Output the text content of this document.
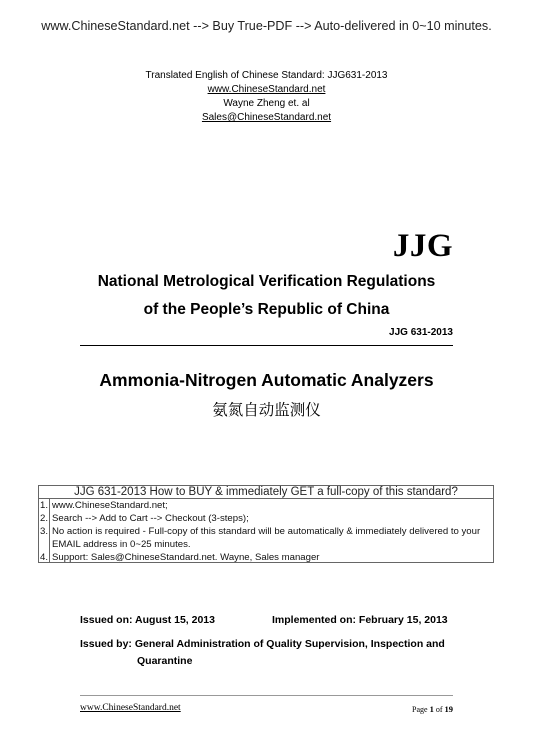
www.ChineseStandard.net --> Buy True-PDF --> Auto-delivered in 0~10 minutes.
Translated English of Chinese Standard: JJG631-2013
www.ChineseStandard.net
Wayne Zheng et. al
Sales@ChineseStandard.net
JJG
National Metrological Verification Regulations
of the People’s Republic of China
JJG 631-2013
Ammonia-Nitrogen Automatic Analyzers
氨氮自动监测仪
JJG 631-2013 How to BUY & immediately GET a full-copy of this standard?
1. www.ChineseStandard.net;
2. Search --> Add to Cart --> Checkout (3-steps);
3. No action is required - Full-copy of this standard will be automatically & immediately delivered to your EMAIL address in 0~25 minutes.
4. Support: Sales@ChineseStandard.net. Wayne, Sales manager
Issued on: August 15, 2013	Implemented on: February 15, 2013
Issued by: General Administration of Quality Supervision, Inspection and
Quarantine
www.ChineseStandard.net	Page 1 of 19
